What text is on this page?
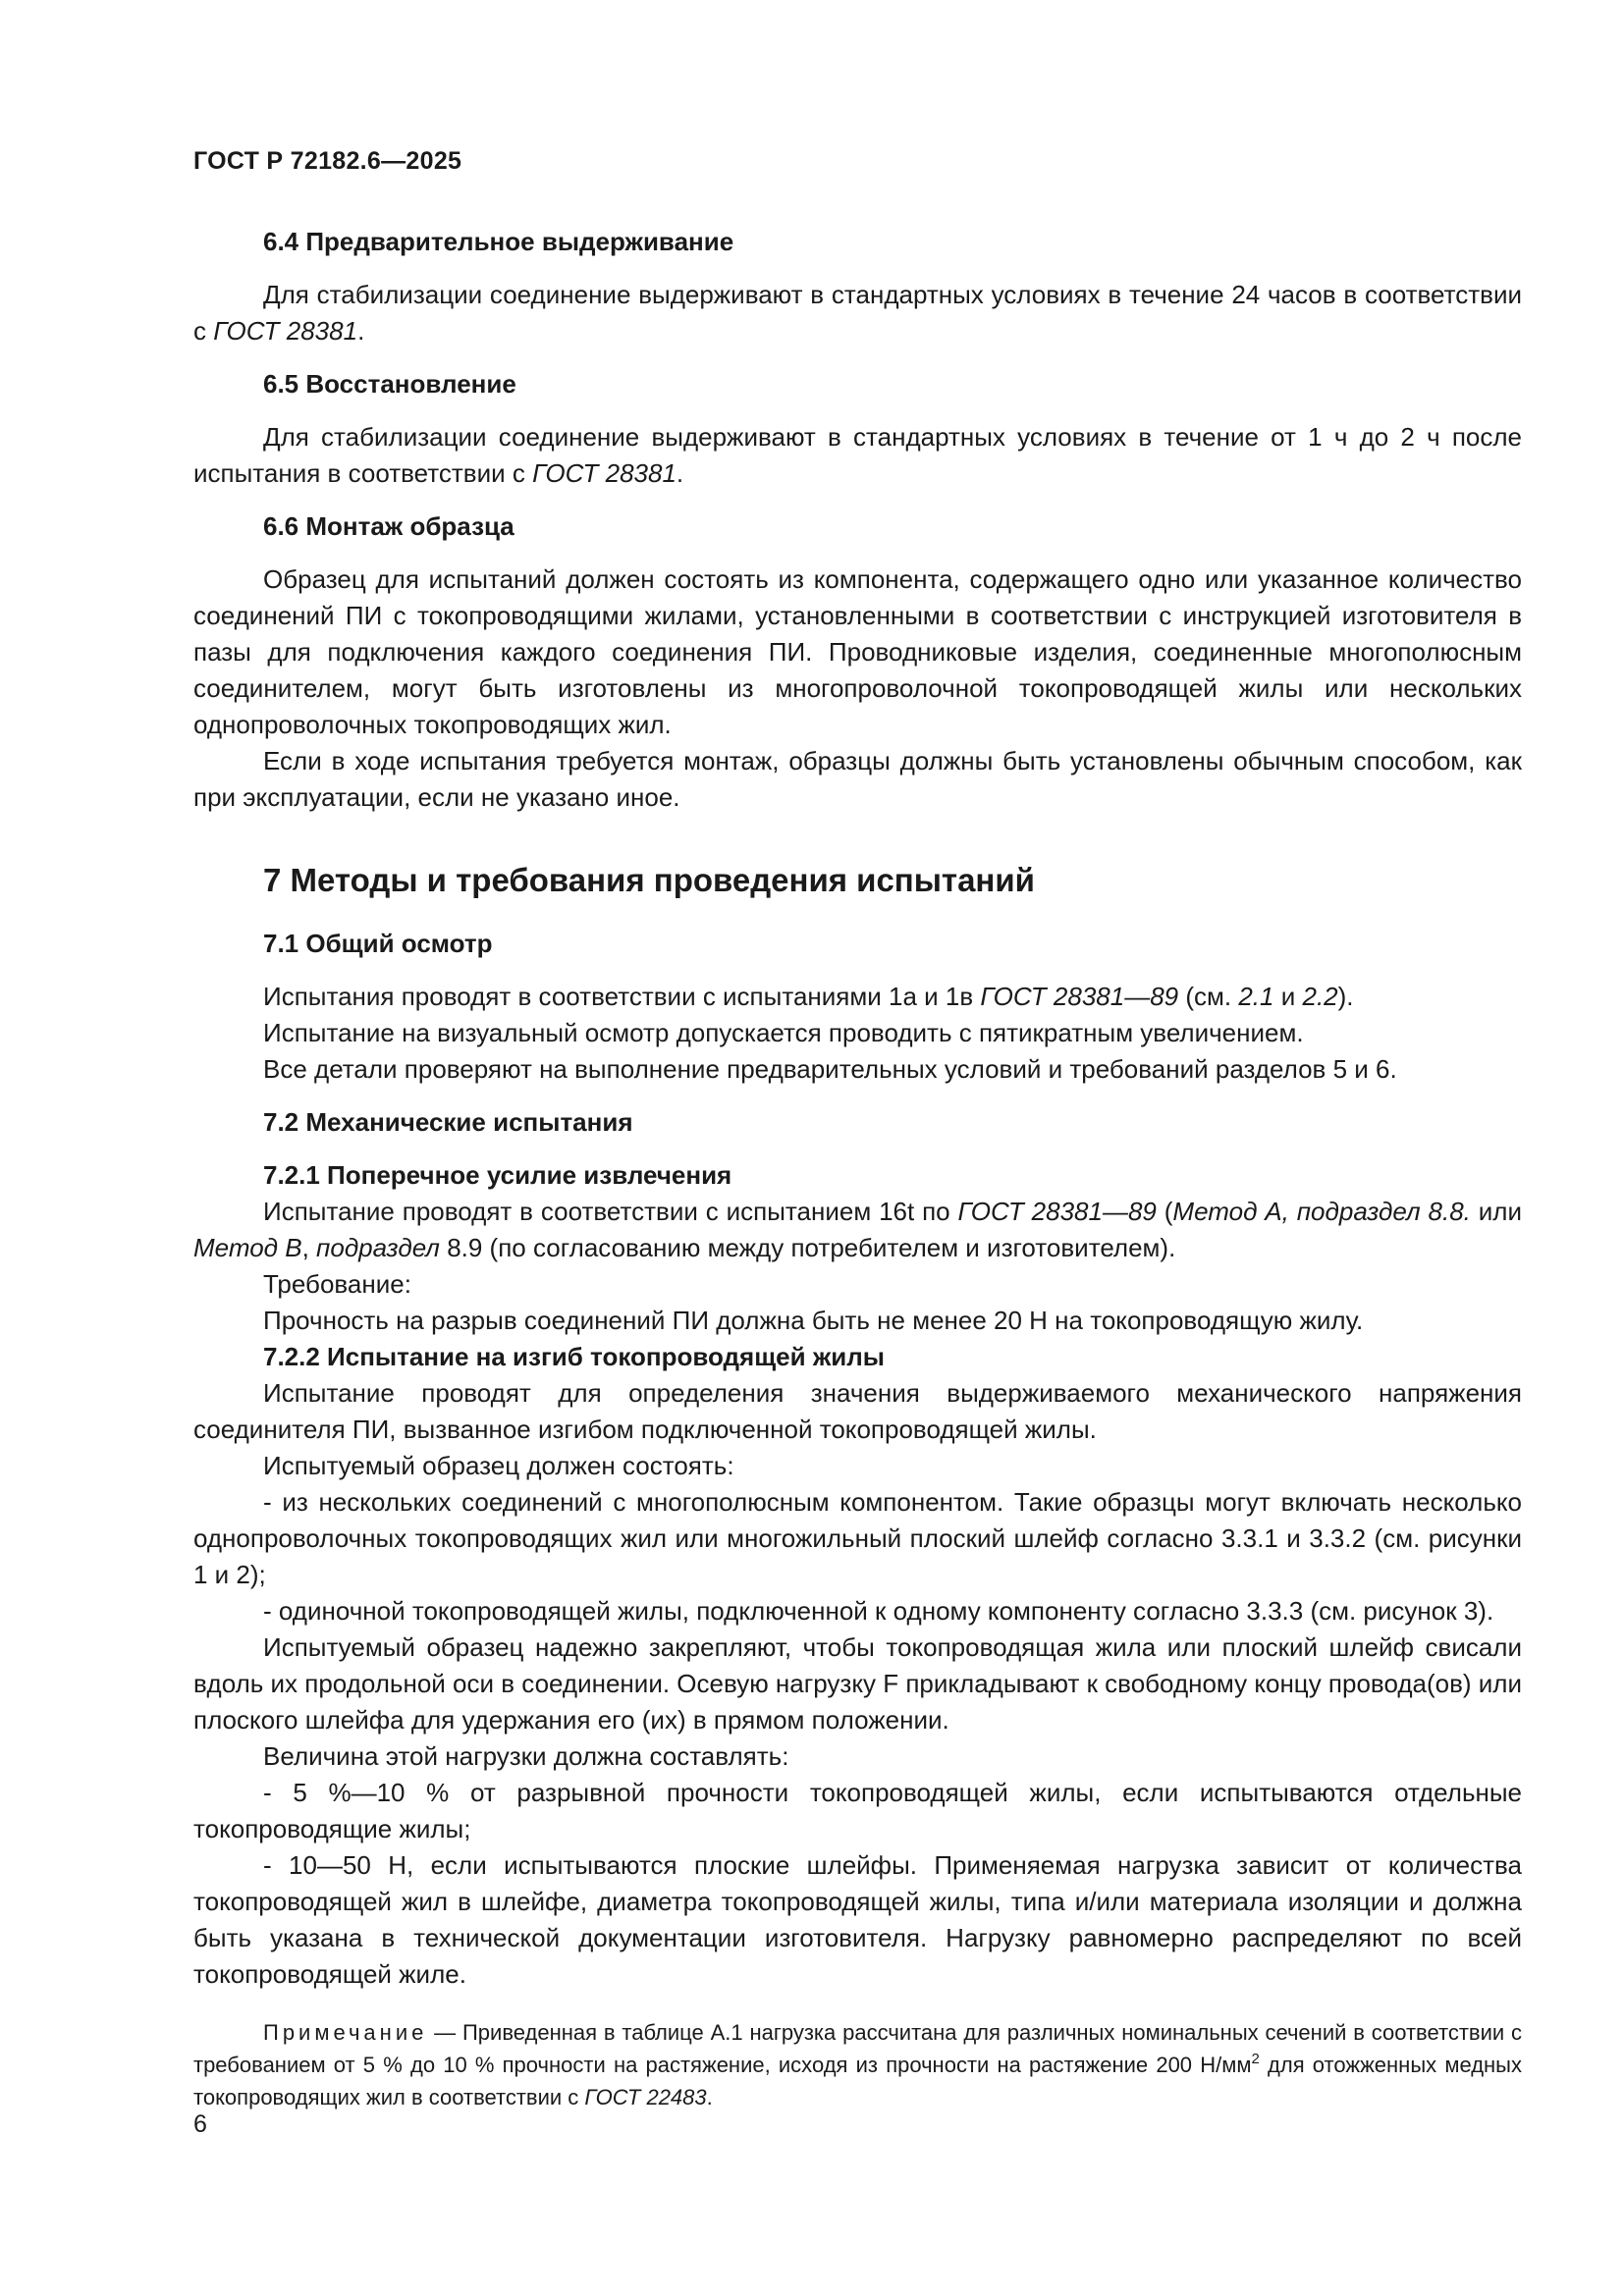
ГОСТ Р 72182.6—2025

6.4 Предварительное выдерживание

Для стабилизации соединение выдерживают в стандартных условиях в течение 24 часов в соответствии с ГОСТ 28381.

6.5 Восстановление

Для стабилизации соединение выдерживают в стандартных условиях в течение от 1 ч до 2 ч после испытания в соответствии с ГОСТ 28381.

6.6 Монтаж образца

Образец для испытаний должен состоять из компонента, содержащего одно или указанное количество соединений ПИ с токопроводящими жилами, установленными в соответствии с инструкцией изготовителя в пазы для подключения каждого соединения ПИ. Проводниковые изделия, соединенные многополюсным соединителем, могут быть изготовлены из многопроволочной токопроводящей жилы или нескольких однопроволочных токопроводящих жил.

Если в ходе испытания требуется монтаж, образцы должны быть установлены обычным способом, как при эксплуатации, если не указано иное.

7 Методы и требования проведения испытаний

7.1 Общий осмотр

Испытания проводят в соответствии с испытаниями 1а и 1в ГОСТ 28381—89 (см. 2.1 и 2.2).

Испытание на визуальный осмотр допускается проводить с пятикратным увеличением.

Все детали проверяют на выполнение предварительных условий и требований разделов 5 и 6.

7.2 Механические испытания

7.2.1 Поперечное усилие извлечения

Испытание проводят в соответствии с испытанием 16t по ГОСТ 28381—89 (Метод А, подраздел 8.8. или Метод В, подраздел 8.9 (по согласованию между потребителем и изготовителем).

Требование:

Прочность на разрыв соединений ПИ должна быть не менее 20 Н на токопроводящую жилу.

7.2.2 Испытание на изгиб токопроводящей жилы

Испытание проводят для определения значения выдерживаемого механического напряжения соединителя ПИ, вызванное изгибом подключенной токопроводящей жилы.

Испытуемый образец должен состоять:

- из нескольких соединений с многополюсным компонентом. Такие образцы могут включать несколько однопроволочных токопроводящих жил или многожильный плоский шлейф согласно 3.3.1 и 3.3.2 (см. рисунки 1 и 2);

- одиночной токопроводящей жилы, подключенной к одному компоненту согласно 3.3.3 (см. рисунок 3).

Испытуемый образец надежно закрепляют, чтобы токопроводящая жила или плоский шлейф свисали вдоль их продольной оси в соединении. Осевую нагрузку F прикладывают к свободному концу провода(ов) или плоского шлейфа для удержания его (их) в прямом положении.

Величина этой нагрузки должна составлять:

- 5 %—10 % от разрывной прочности токопроводящей жилы, если испытываются отдельные токопроводящие жилы;

- 10—50 Н, если испытываются плоские шлейфы. Применяемая нагрузка зависит от количества токопроводящей жил в шлейфе, диаметра токопроводящей жилы, типа и/или материала изоляции и должна быть указана в технической документации изготовителя. Нагрузку равномерно распределяют по всей токопроводящей жиле.

Примечание — Приведенная в таблице А.1 нагрузка рассчитана для различных номинальных сечений в соответствии с требованием от 5 % до 10 % прочности на растяжение, исходя из прочности на растяжение 200 $Н/мм^2$ для отожженных медных токопроводящих жил в соответствии с ГОСТ 22483.

6
